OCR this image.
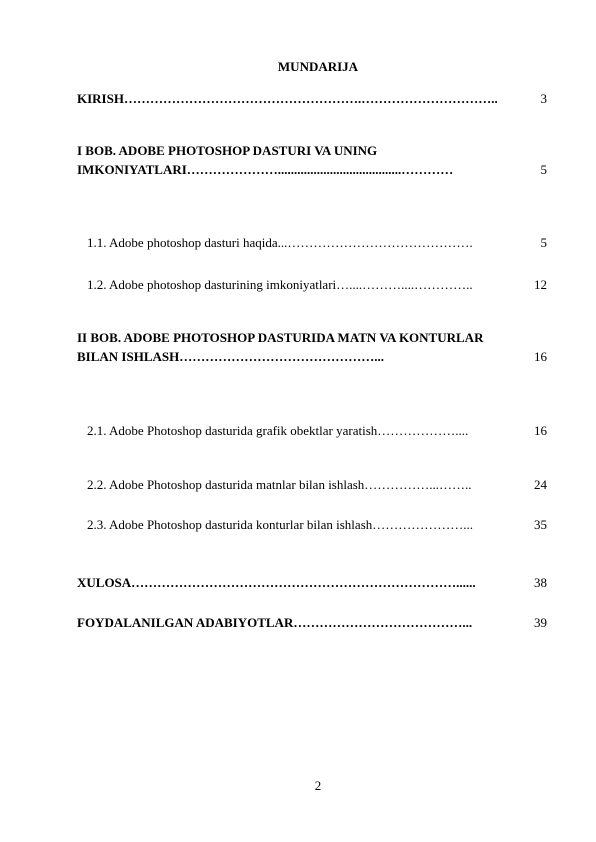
MUNDARIJA
KIRISH……………………………………………….…………………………..	3
I BOB. ADOBE PHOTOSHOP DASTURI VA UNING IMKONIYATLARI…………………......................................…………	5
1.1. Adobe photoshop dasturi haqida...…………………………………….	5
1.2. Adobe photoshop dasturining imkoniyatlari…....………....…………..	12
II BOB. ADOBE PHOTOSHOP DASTURIDA MATN VA KONTURLAR BILAN ISHLASH………………………………………...	16
2.1. Adobe Photoshop dasturida grafik obektlar yaratish………………....	16
2.2. Adobe Photoshop dasturida matnlar bilan ishlash……………...……..	24
2.3. Adobe Photoshop dasturida konturlar bilan ishlash…………………...	35
XULOSA…………………………………………………………………......	38
FOYDALANILGAN ADABIYOTLAR…………………………………...	39
2
